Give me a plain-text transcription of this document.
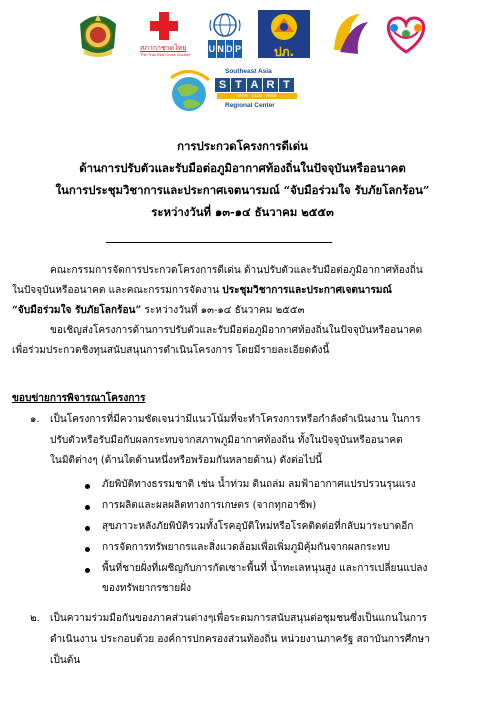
สภากาชาดไทย
The Thai Red Cross Society
U N D P	ปภ.
Southeast Asia
S T A R T
ENVI · CLIM · RISK
Regional Center
การประกวดโครงการดีเด่น
ด้านการปรับตัวและรับมือต่อภูมิอากาศท้องถิ่นในปัจจุบันหรืออนาคต
ในการประชุมวิชาการและประกาศเจตนารมณ์ “จับมือร่วมใจ รับภัยโลกร้อน”
ระหว่างวันที่ ๑๓-๑๔ ธันวาคม ๒๕๕๓
คณะกรรมการจัดการประกวดโครงการดีเด่น ด้านปรับตัวและรับมือต่อภูมิอากาศท้องถิ่น
ในปัจจุบันหรืออนาคต และคณะกรรมการจัดงาน ประชุมวิชาการและประกาศเจตนารมณ์
“จับมือร่วมใจ รับภัยโลกร้อน” ระหว่างวันที่ ๑๓-๑๔ ธันวาคม ๒๕๕๓
ขอเชิญส่งโครงการด้านการปรับตัวและรับมือต่อภูมิอากาศท้องถิ่นในปัจจุบันหรืออนาคต
เพื่อร่วมประกวดชิงทุนสนับสนุนการดำเนินโครงการ โดยมีรายละเอียดดังนี้
ขอบข่ายการพิจารณาโครงการ
๑. เป็นโครงการที่มีความชัดเจนว่ามีแนวโน้มที่จะทำโครงการหรือกำลังดำเนินงาน ในการ
ปรับตัวหรือรับมือกับผลกระทบจากสภาพภูมิอากาศท้องถิ่น ทั้งในปัจจุบันหรืออนาคต
ในมิติต่างๆ (ด้านใดด้านหนึ่งหรือพร้อมกันหลายด้าน) ดังต่อไปนี้
ภัยพิบัติทางธรรมชาติ เช่น น้ำท่วม ดินถล่ม ลมฟ้าอากาศแปรปรวนรุนแรง
การผลิตและผลผลิตทางการเกษตร (จากทุกอาชีพ)
สุขภาวะหลังภัยพิบัติรวมทั้งโรคอุบัติใหม่หรือโรคติดต่อที่กลับมาระบาดอีก
การจัดการทรัพยากรและสิ่งแวดล้อมเพื่อเพิ่มภูมิคุ้มกันจากผลกระทบ
พื้นที่ชายฝั่งที่เผชิญกับการกัดเซาะพื้นที่ น้ำทะเลหนุนสูง และการเปลี่ยนแปลง
ของทรัพยากรชายฝั่ง
๒. เป็นความร่วมมือกันของภาคส่วนต่างๆเพื่อระดมการสนับสนุนต่อชุมชนซึ่งเป็นแกนในการ
ดำเนินงาน ประกอบด้วย องค์การปกครองส่วนท้องถิ่น หน่วยงานภาครัฐ สถาบันการศึกษา
เป็นต้น
